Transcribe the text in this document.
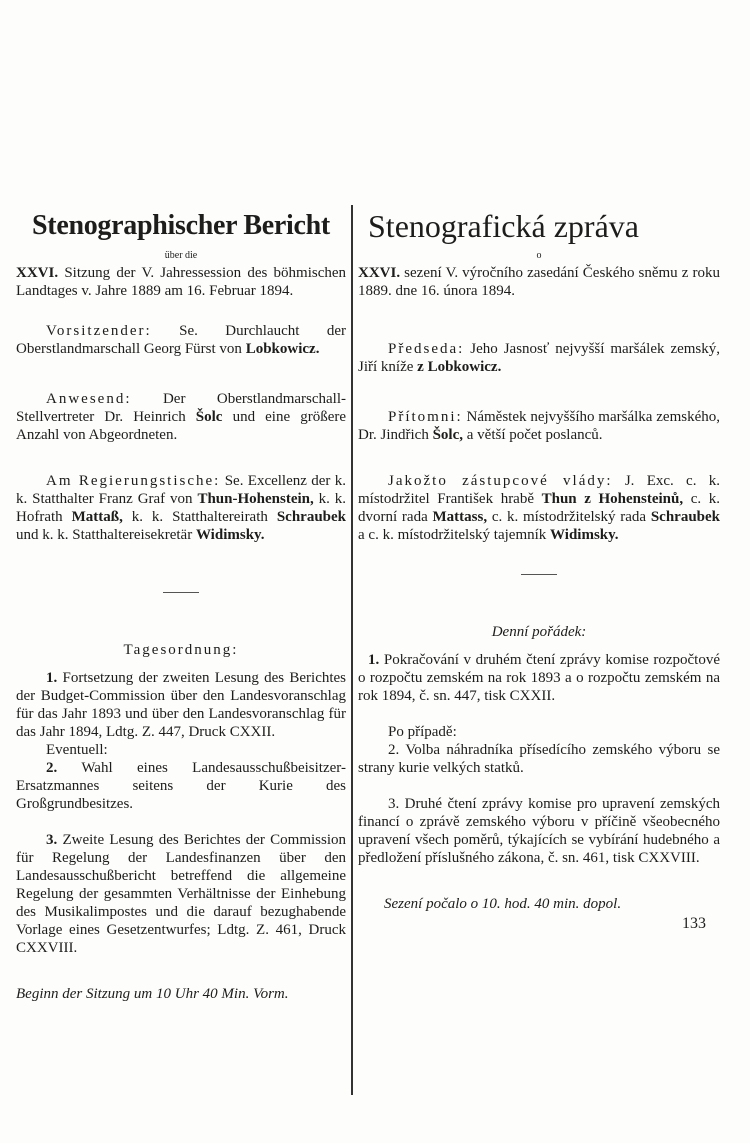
Stenographischer Bericht
über die
XXVI. Sitzung der V. Jahressession des böhmischen Landtages v. Jahre 1889 am 16. Februar 1894.
Vorsitzender: Se. Durchlaucht der Oberstlandmarschall Georg Fürst von Lobkowicz.
Anwesend: Der Oberstlandmarschall-Stellvertreter Dr. Heinrich Šolc und eine größere Anzahl von Abgeordneten.
Am Regierungstische: Se. Excellenz der k. k. Statthalter Franz Graf von Thun-Hohenstein, k. k. Hofrath Mattaß, k. k. Statthaltereirath Schraubek und k. k. Statthaltereisekretär Widimsky.
Tagesordnung:
1. Fortsetzung der zweiten Lesung des Berichtes der Budget-Commission über den Landesvoranschlag für das Jahr 1893 und über den Landesvoranschlag für das Jahr 1894, Ldtg. Z. 447, Druck CXXII.
Eventuell:
2. Wahl eines Landesausschußbeisitzer-Ersatzmannes seitens der Kurie des Großgrundbesitzes.
3. Zweite Lesung des Berichtes der Commission für Regelung der Landesfinanzen über den Landesausschußbericht betreffend die allgemeine Regelung der gesammten Verhältnisse der Einhebung des Musikalimpostes und die darauf bezughabende Vorlage eines Gesetzentwurfes; Ldtg. Z. 461, Druck CXXVIII.
Beginn der Sitzung um 10 Uhr 40 Min. Vorm.
Stenografická zpráva
o
XXVI. sezení V. výročního zasedání Českého sněmu z roku 1889. dne 16. února 1894.
Předseda: Jeho Jasnosť nejvyšší maršálek zemský, Jiří kníže z Lobkowicz.
Přítomni: Náměstek nejvyššího maršálka zemského, Dr. Jindřich Šolc, a větší počet poslanců.
Jakožto zástupcové vlády: J. Exc. c. k. místodržitel František hrabě Thun z Hohensteinů, c. k. dvorní rada Mattass, c. k. místodržitelský rada Schraubek a c. k. místodržitelský tajemník Widimsky.
Denní pořádek:
1. Pokračování v druhém čtení zprávy komise rozpočtové o rozpočtu zemském na rok 1893 a o rozpočtu zemském na rok 1894, č. sn. 447, tisk CXXII.
Po případě:
2. Volba náhradníka přísedícího zemského výboru se strany kurie velkých statků.
3. Druhé čtení zprávy komise pro upravení zemských financí o zprávě zemského výboru v příčině všeobecného upravení všech poměrů, týkajících se vybírání hudebného a předložení příslušného zákona, č. sn. 461, tisk CXXVIII.
Sezení počalo o 10. hod. 40 min. dopol.
133
